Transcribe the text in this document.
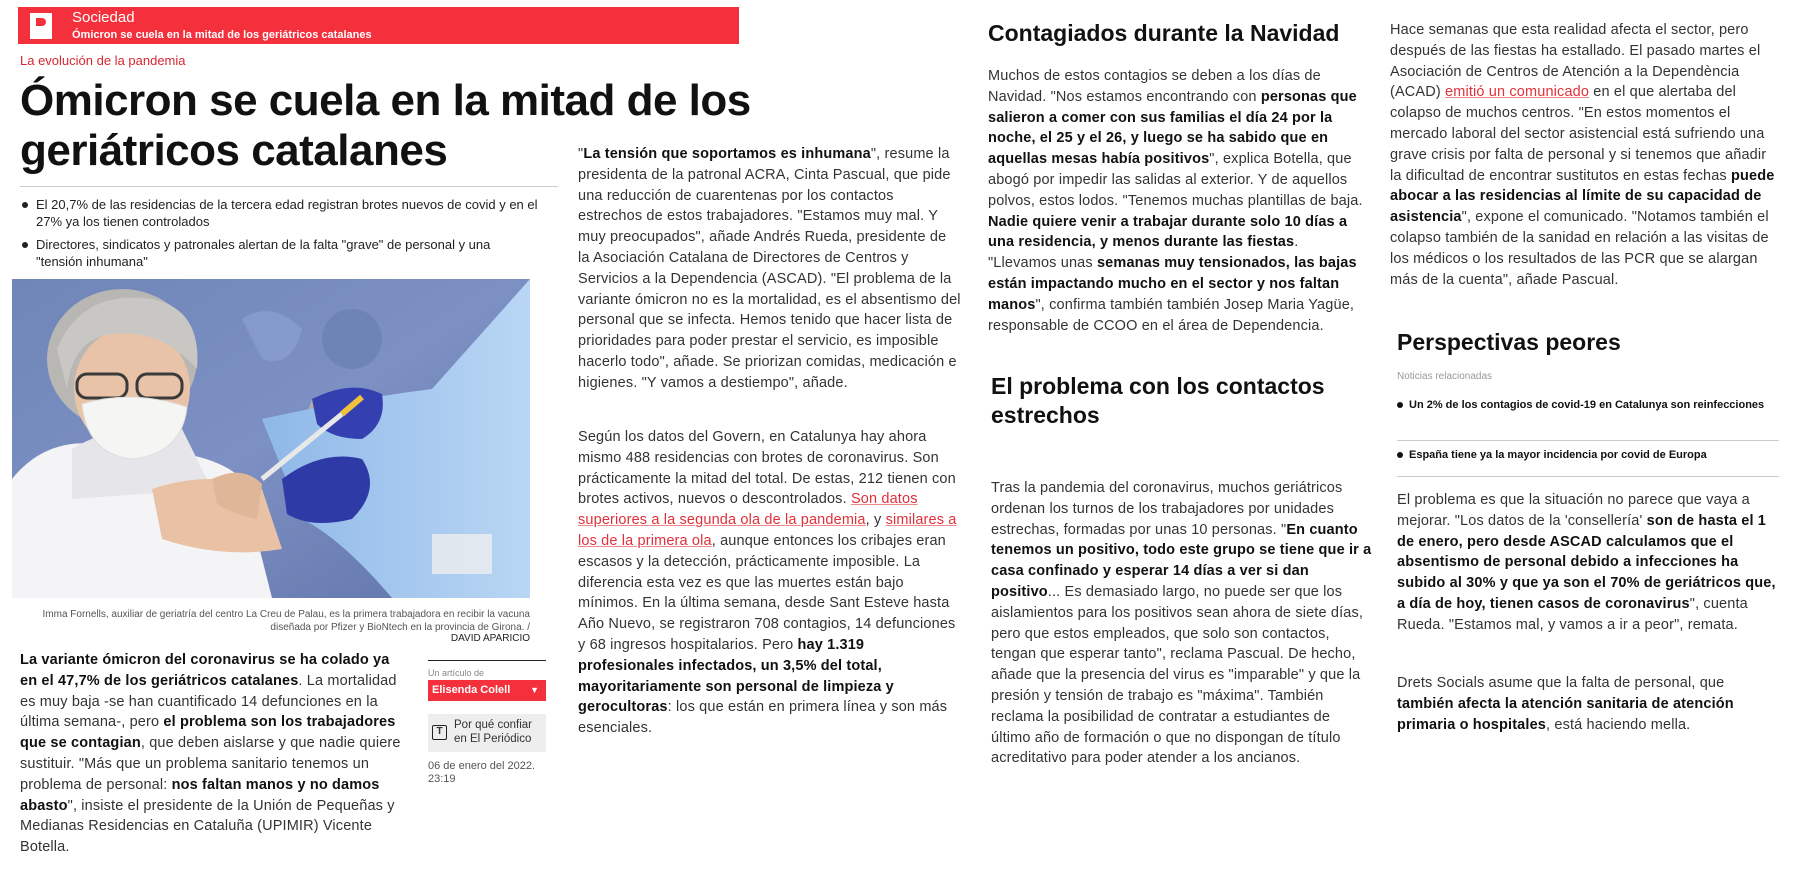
Sociedad
Ómicron se cuela en la mitad de los geriátricos catalanes
La evolución de la pandemia
Ómicron se cuela en la mitad de los geriátricos catalanes
El 20,7% de las residencias de la tercera edad registran brotes nuevos de covid y en el 27% ya los tienen controlados
Directores, sindicatos y patronales alertan de la falta "grave" de personal y una "tensión inhumana"
Imma Fornells, auxiliar de geriatría del centro La Creu de Palau, es la primera trabajadora en recibir la vacuna diseñada por Pfizer y BioNtech en la provincia de Girona. /
DAVID APARICIO

La variante ómicron del coronavirus se ha colado ya en el 47,7% de los geriátricos catalanes. La mortalidad es muy baja -se han cuantificado 14 defunciones en la última semana-, pero el problema son los trabajadores que se contagian, que deben aislarse y que nadie quiere sustituir. "Más que un problema sanitario tenemos un problema de personal: nos faltan manos y no damos abasto", insiste el presidente de la Unión de Pequeñas y Medianas Residencias en Cataluña (UPIMIR) Vicente Botella.

Un artículo de
Elisenda Colell ▼
T
Por qué confiar en El Periódico
06 de enero del 2022. 23:19

"La tensión que soportamos es inhumana", resume la presidenta de la patronal ACRA, Cinta Pascual, que pide una reducción de cuarentenas por los contactos estrechos de estos trabajadores. "Estamos muy mal. Y muy preocupados", añade Andrés Rueda, presidente de la Asociación Catalana de Directores de Centros y Servicios a la Dependencia (ASCAD). "El problema de la variante ómicron no es la mortalidad, es el absentismo del personal que se infecta. Hemos tenido que hacer lista de prioridades para poder prestar el servicio, es imposible hacerlo todo", añade. Se priorizan comidas, medicación e higienes. "Y vamos a destiempo", añade.

Según los datos del Govern, en Catalunya hay ahora mismo 488 residencias con brotes de coronavirus. Son prácticamente la mitad del total. De estas, 212 tienen con brotes activos, nuevos o descontrolados. Son datos superiores a la segunda ola de la pandemia, y similares a los de la primera ola, aunque entonces los cribajes eran escasos y la detección, prácticamente imposible. La diferencia esta vez es que las muertes están bajo mínimos. En la última semana, desde Sant Esteve hasta Año Nuevo, se registraron 708 contagios, 14 defunciones y 68 ingresos hospitalarios. Pero hay 1.319 profesionales infectados, un 3,5% del total, mayoritariamente son personal de limpieza y gerocultoras: los que están en primera línea y son más esenciales.

Contagiados durante la Navidad

Muchos de estos contagios se deben a los días de Navidad. "Nos estamos encontrando con personas que salieron a comer con sus familias el día 24 por la noche, el 25 y el 26, y luego se ha sabido que en aquellas mesas había positivos", explica Botella, que abogó por impedir las salidas al exterior. Y de aquellos polvos, estos lodos. "Tenemos muchas plantillas de baja. Nadie quiere venir a trabajar durante solo 10 días a una residencia, y menos durante las fiestas. "Llevamos unas semanas muy tensionados, las bajas están impactando mucho en el sector y nos faltan manos", confirma también también Josep Maria Yagüe, responsable de CCOO en el área de Dependencia.

El problema con los contactos estrechos

Tras la pandemia del coronavirus, muchos geriátricos ordenan los turnos de los trabajadores por unidades estrechas, formadas por unas 10 personas. "En cuanto tenemos un positivo, todo este grupo se tiene que ir a casa confinado y esperar 14 días a ver si dan positivo... Es demasiado largo, no puede ser que los aislamientos para los positivos sean ahora de siete días, pero que estos empleados, que solo son contactos, tengan que esperar tanto", reclama Pascual. De hecho, añade que la presencia del virus es "imparable" y que la presión y tensión de trabajo es "máxima". También reclama la posibilidad de contratar a estudiantes de último año de formación o que no dispongan de título acreditativo para poder atender a los ancianos.

Hace semanas que esta realidad afecta el sector, pero después de las fiestas ha estallado. El pasado martes el Asociación de Centros de Atención a la Dependència (ACAD) emitió un comunicado en el que alertaba del colapso de muchos centros. "En estos momentos el mercado laboral del sector asistencial está sufriendo una grave crisis por falta de personal y si tenemos que añadir la dificultad de encontrar sustitutos en estas fechas puede abocar a las residencias al límite de su capacidad de asistencia", expone el comunicado. "Notamos también el colapso también de la sanidad en relación a las visitas de los médicos o los resultados de las PCR que se alargan más de la cuenta", añade Pascual.

Perspectivas peores
Noticias relacionadas
Un 2% de los contagios de covid-19 en Catalunya son reinfecciones
España tiene ya la mayor incidencia por covid de Europa

El problema es que la situación no parece que vaya a mejorar. "Los datos de la 'consellería' son de hasta el 1 de enero, pero desde ASCAD calculamos que el absentismo de personal debido a infecciones ha subido al 30% y que ya son el 70% de geriátricos que, a día de hoy, tienen casos de coronavirus", cuenta Rueda. "Estamos mal, y vamos a ir a peor", remata.

Drets Socials asume que la falta de personal, que también afecta la atención sanitaria de atención primaria o hospitales, está haciendo mella.
